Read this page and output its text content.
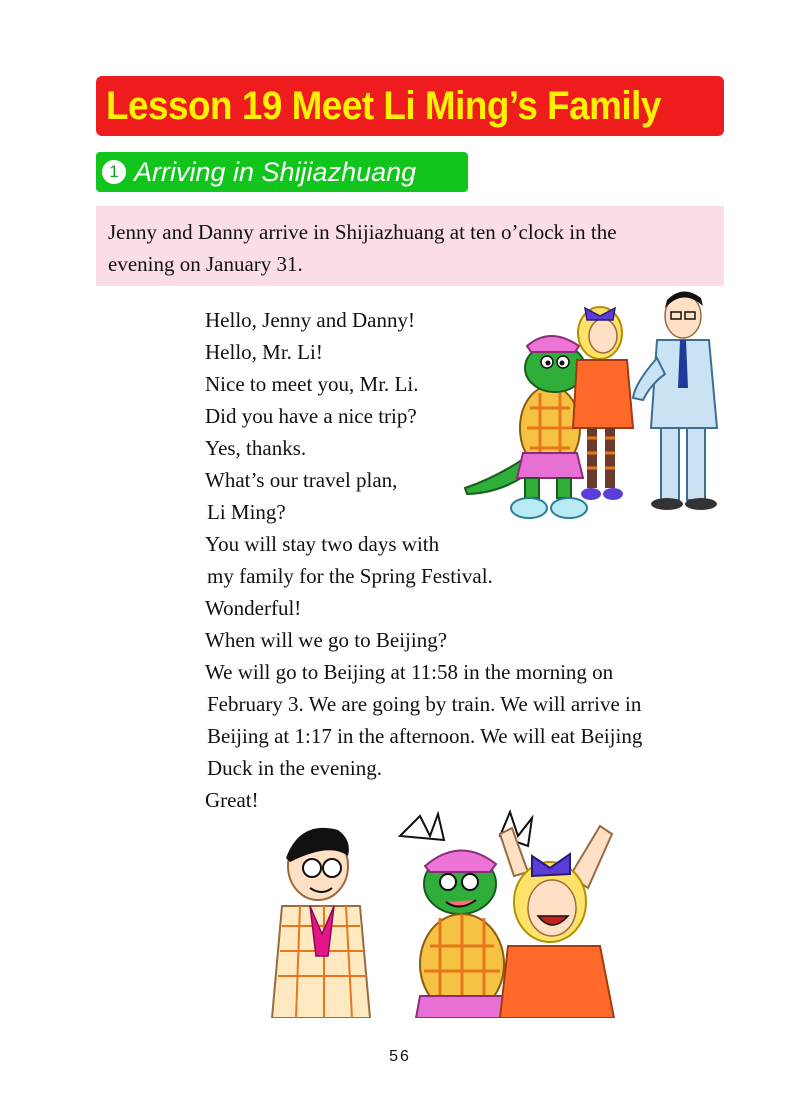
Lesson 19 Meet Li Ming’s Family
1 Arriving in Shijiazhuang
Jenny and Danny arrive in Shijiazhuang at ten o’clock in the
evening on January 31.
Hello, Jenny and Danny!
Hello, Mr. Li!
Nice to meet you, Mr. Li.
Did you have a nice trip?
Yes, thanks.
What’s our travel plan,
Li Ming?
You will stay two days with
my family for the Spring Festival.
Wonderful!
When will we go to Beijing?
We will go to Beijing at 11:58 in the morning on
February 3. We are going by train. We will arrive in
Beijing at 1:17 in the afternoon. We will eat Beijing
Duck in the evening.
Great!
56
